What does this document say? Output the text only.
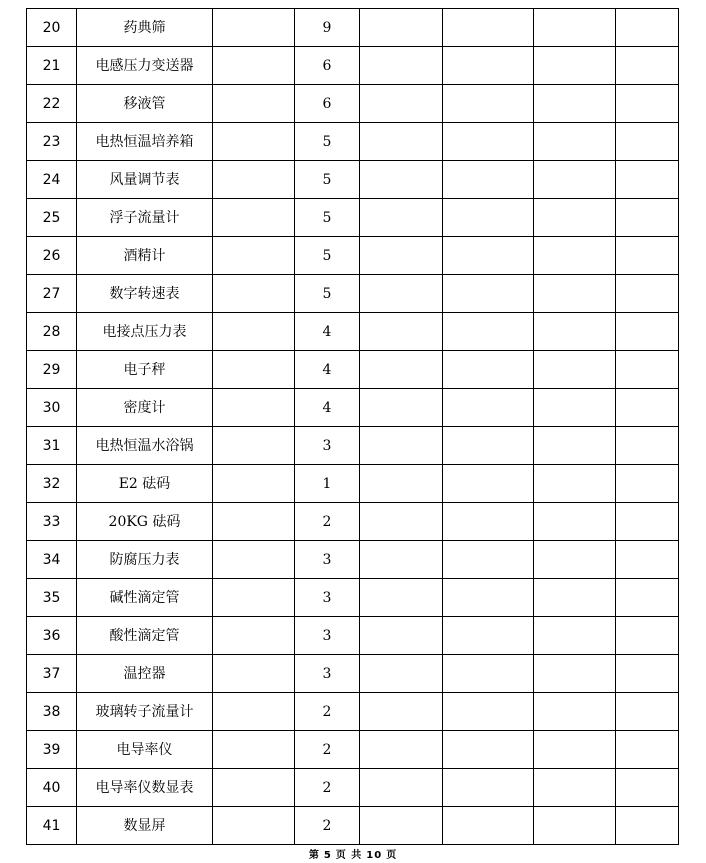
20	药典筛		9				
21	电感压力变送器		6				
22	移液管		6				
23	电热恒温培养箱		5				
24	风量调节表		5				
25	浮子流量计		5				
26	酒精计		5				
27	数字转速表		5				
28	电接点压力表		4				
29	电子秤		4				
30	密度计		4				
31	电热恒温水浴锅		3				
32	E2 砝码		1				
33	20KG 砝码		2				
34	防腐压力表		3				
35	碱性滴定管		3				
36	酸性滴定管		3				
37	温控器		3				
38	玻璃转子流量计		2				
39	电导率仪		2				
40	电导率仪数显表		2				
41	数显屏		2				
第 5 页 共 10 页
